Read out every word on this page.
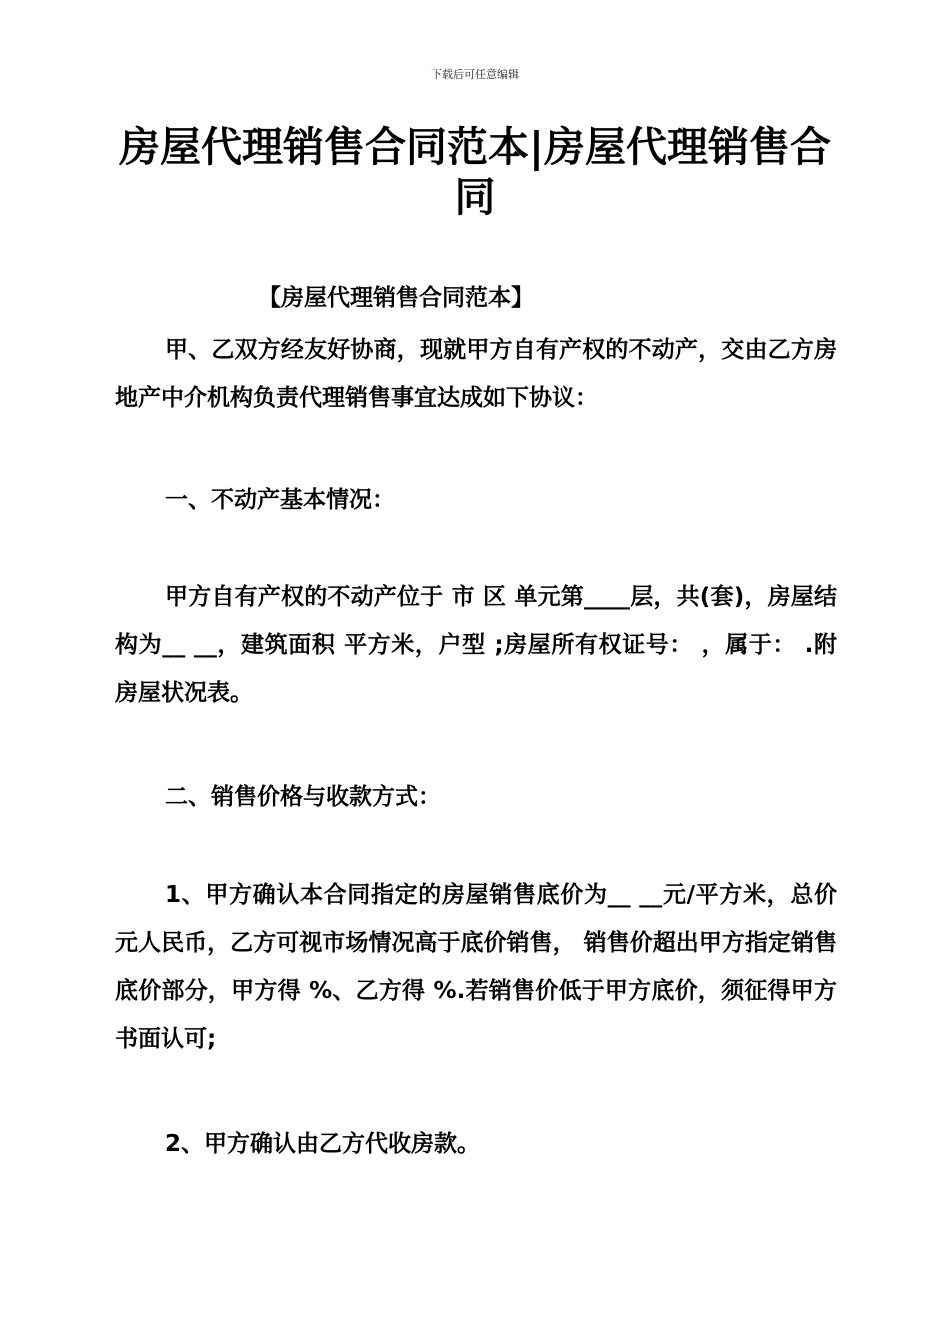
下载后可任意编辑
房屋代理销售合同范本|房屋代理销售合同

【房屋代理销售合同范本】

甲、乙双方经友好协商，现就甲方自有产权的不动产，交由乙方房地产中介机构负责代理销售事宜达成如下协议：

一、不动产基本情况：

甲方自有产权的不动产位于 市 区 单元第____层，共(套)，房屋结构为__ __，建筑面积 平方米，户型 ;房屋所有权证号： ，属于： .附房屋状况表。

二、销售价格与收款方式：

1、甲方确认本合同指定的房屋销售底价为__ __元/平方米，总价 元人民币，乙方可视市场情况高于底价销售， 销售价超出甲方指定销售底价部分，甲方得 %、乙方得 %.若销售价低于甲方底价，须征得甲方书面认可;

2、甲方确认由乙方代收房款。
